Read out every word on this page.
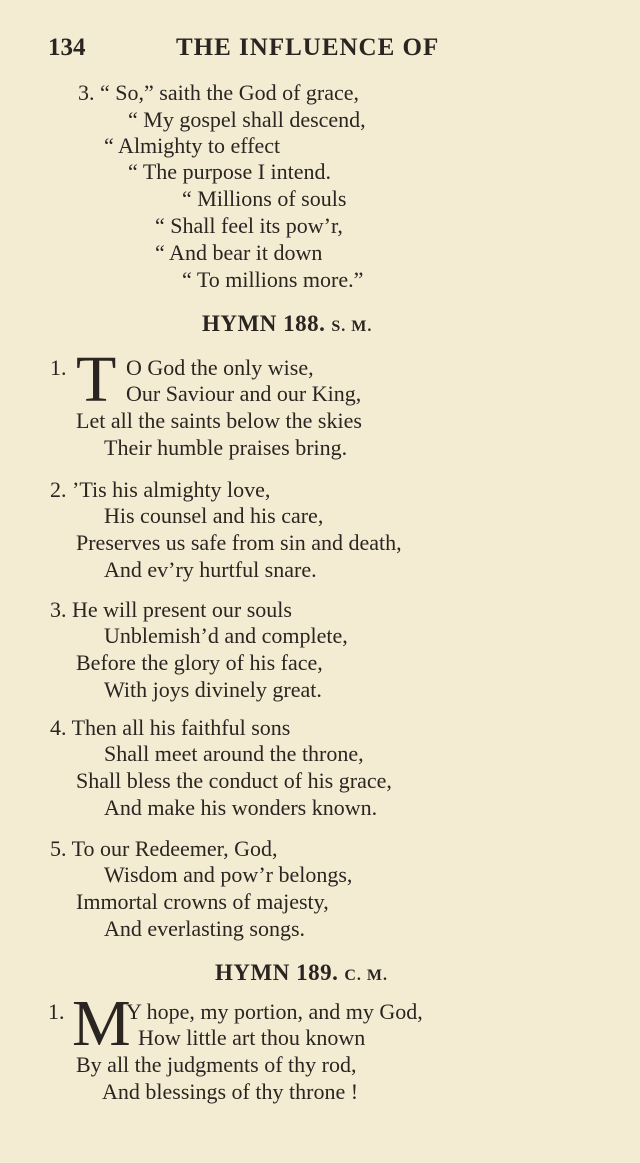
134	THE INFLUENCE OF
3. “ So,” saith the God of grace,
“ My gospel shall descend,
“ Almighty to effect
“ The purpose I intend.
“ Millions of souls
“ Shall feel its pow’r,
“ And bear it down
“ To millions more.”
HYMN 188. S. M.
1. T O God the only wise,
Our Saviour and our King,
Let all the saints below the skies
Their humble praises bring.
2. ’Tis his almighty love,
His counsel and his care,
Preserves us safe from sin and death,
And ev’ry hurtful snare.
3. He will present our souls
Unblemish’d and complete,
Before the glory of his face,
With joys divinely great.
4. Then all his faithful sons
Shall meet around the throne,
Shall bless the conduct of his grace,
And make his wonders known.
5. To our Redeemer, God,
Wisdom and pow’r belongs,
Immortal crowns of majesty,
And everlasting songs.
HYMN 189. C. M.
1. M
Y hope, my portion, and my God,
How little art thou known
By all the judgments of thy rod,
And blessings of thy throne !
